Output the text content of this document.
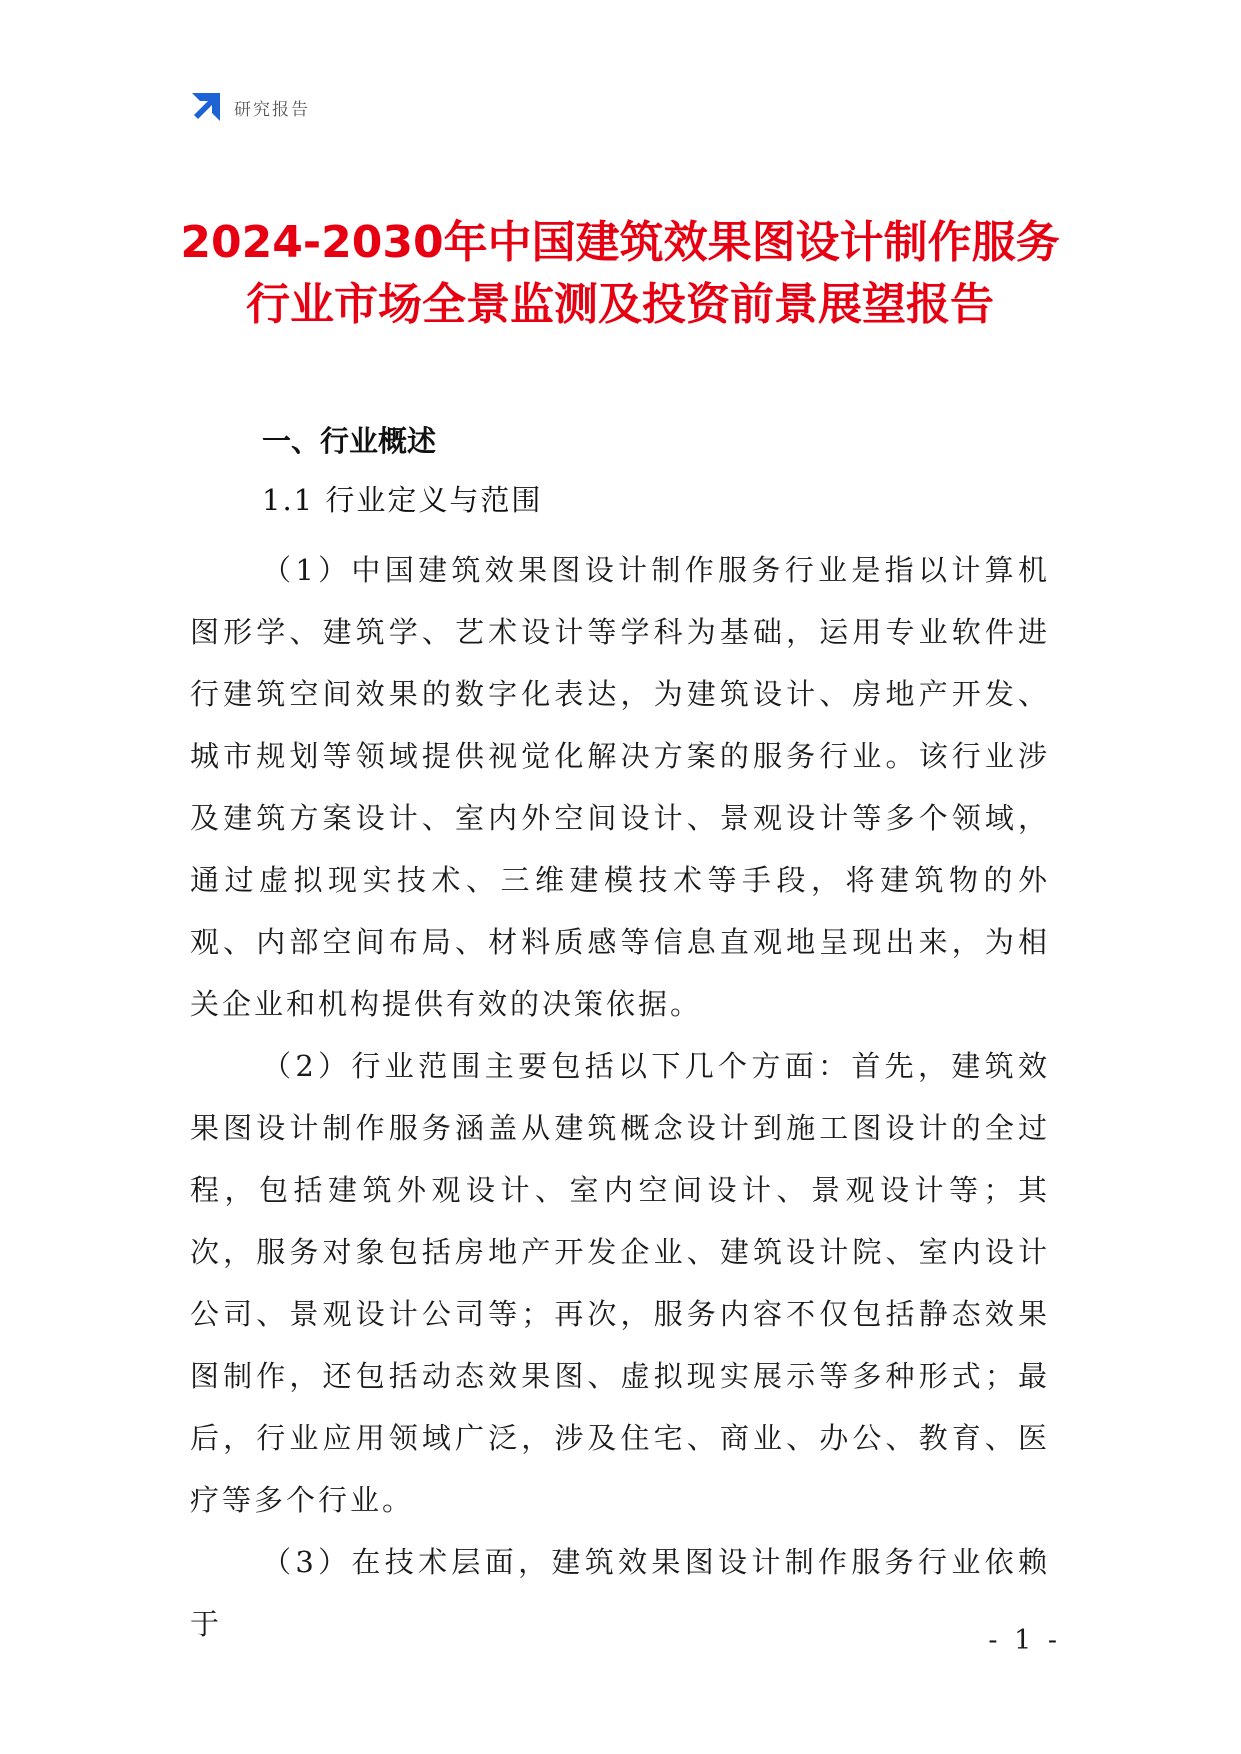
研究报告
2024-2030年中国建筑效果图设计制作服务
行业市场全景监测及投资前景展望报告
一、行业概述
1.1 行业定义与范围

（1）中国建筑效果图设计制作服务行业是指以计算机图形学、建筑学、艺术设计等学科为基础，运用专业软件进行建筑空间效果的数字化表达，为建筑设计、房地产开发、城市规划等领域提供视觉化解决方案的服务行业。该行业涉及建筑方案设计、室内外空间设计、景观设计等多个领域，通过虚拟现实技术、三维建模技术等手段，将建筑物的外观、内部空间布局、材料质感等信息直观地呈现出来，为相关企业和机构提供有效的决策依据。

（2）行业范围主要包括以下几个方面：首先，建筑效果图设计制作服务涵盖从建筑概念设计到施工图设计的全过程，包括建筑外观设计、室内空间设计、景观设计等；其次，服务对象包括房地产开发企业、建筑设计院、室内设计公司、景观设计公司等；再次，服务内容不仅包括静态效果图制作，还包括动态效果图、虚拟现实展示等多种形式；最后，行业应用领域广泛，涉及住宅、商业、办公、教育、医疗等多个行业。

（3）在技术层面，建筑效果图设计制作服务行业依赖于	- 1 -
